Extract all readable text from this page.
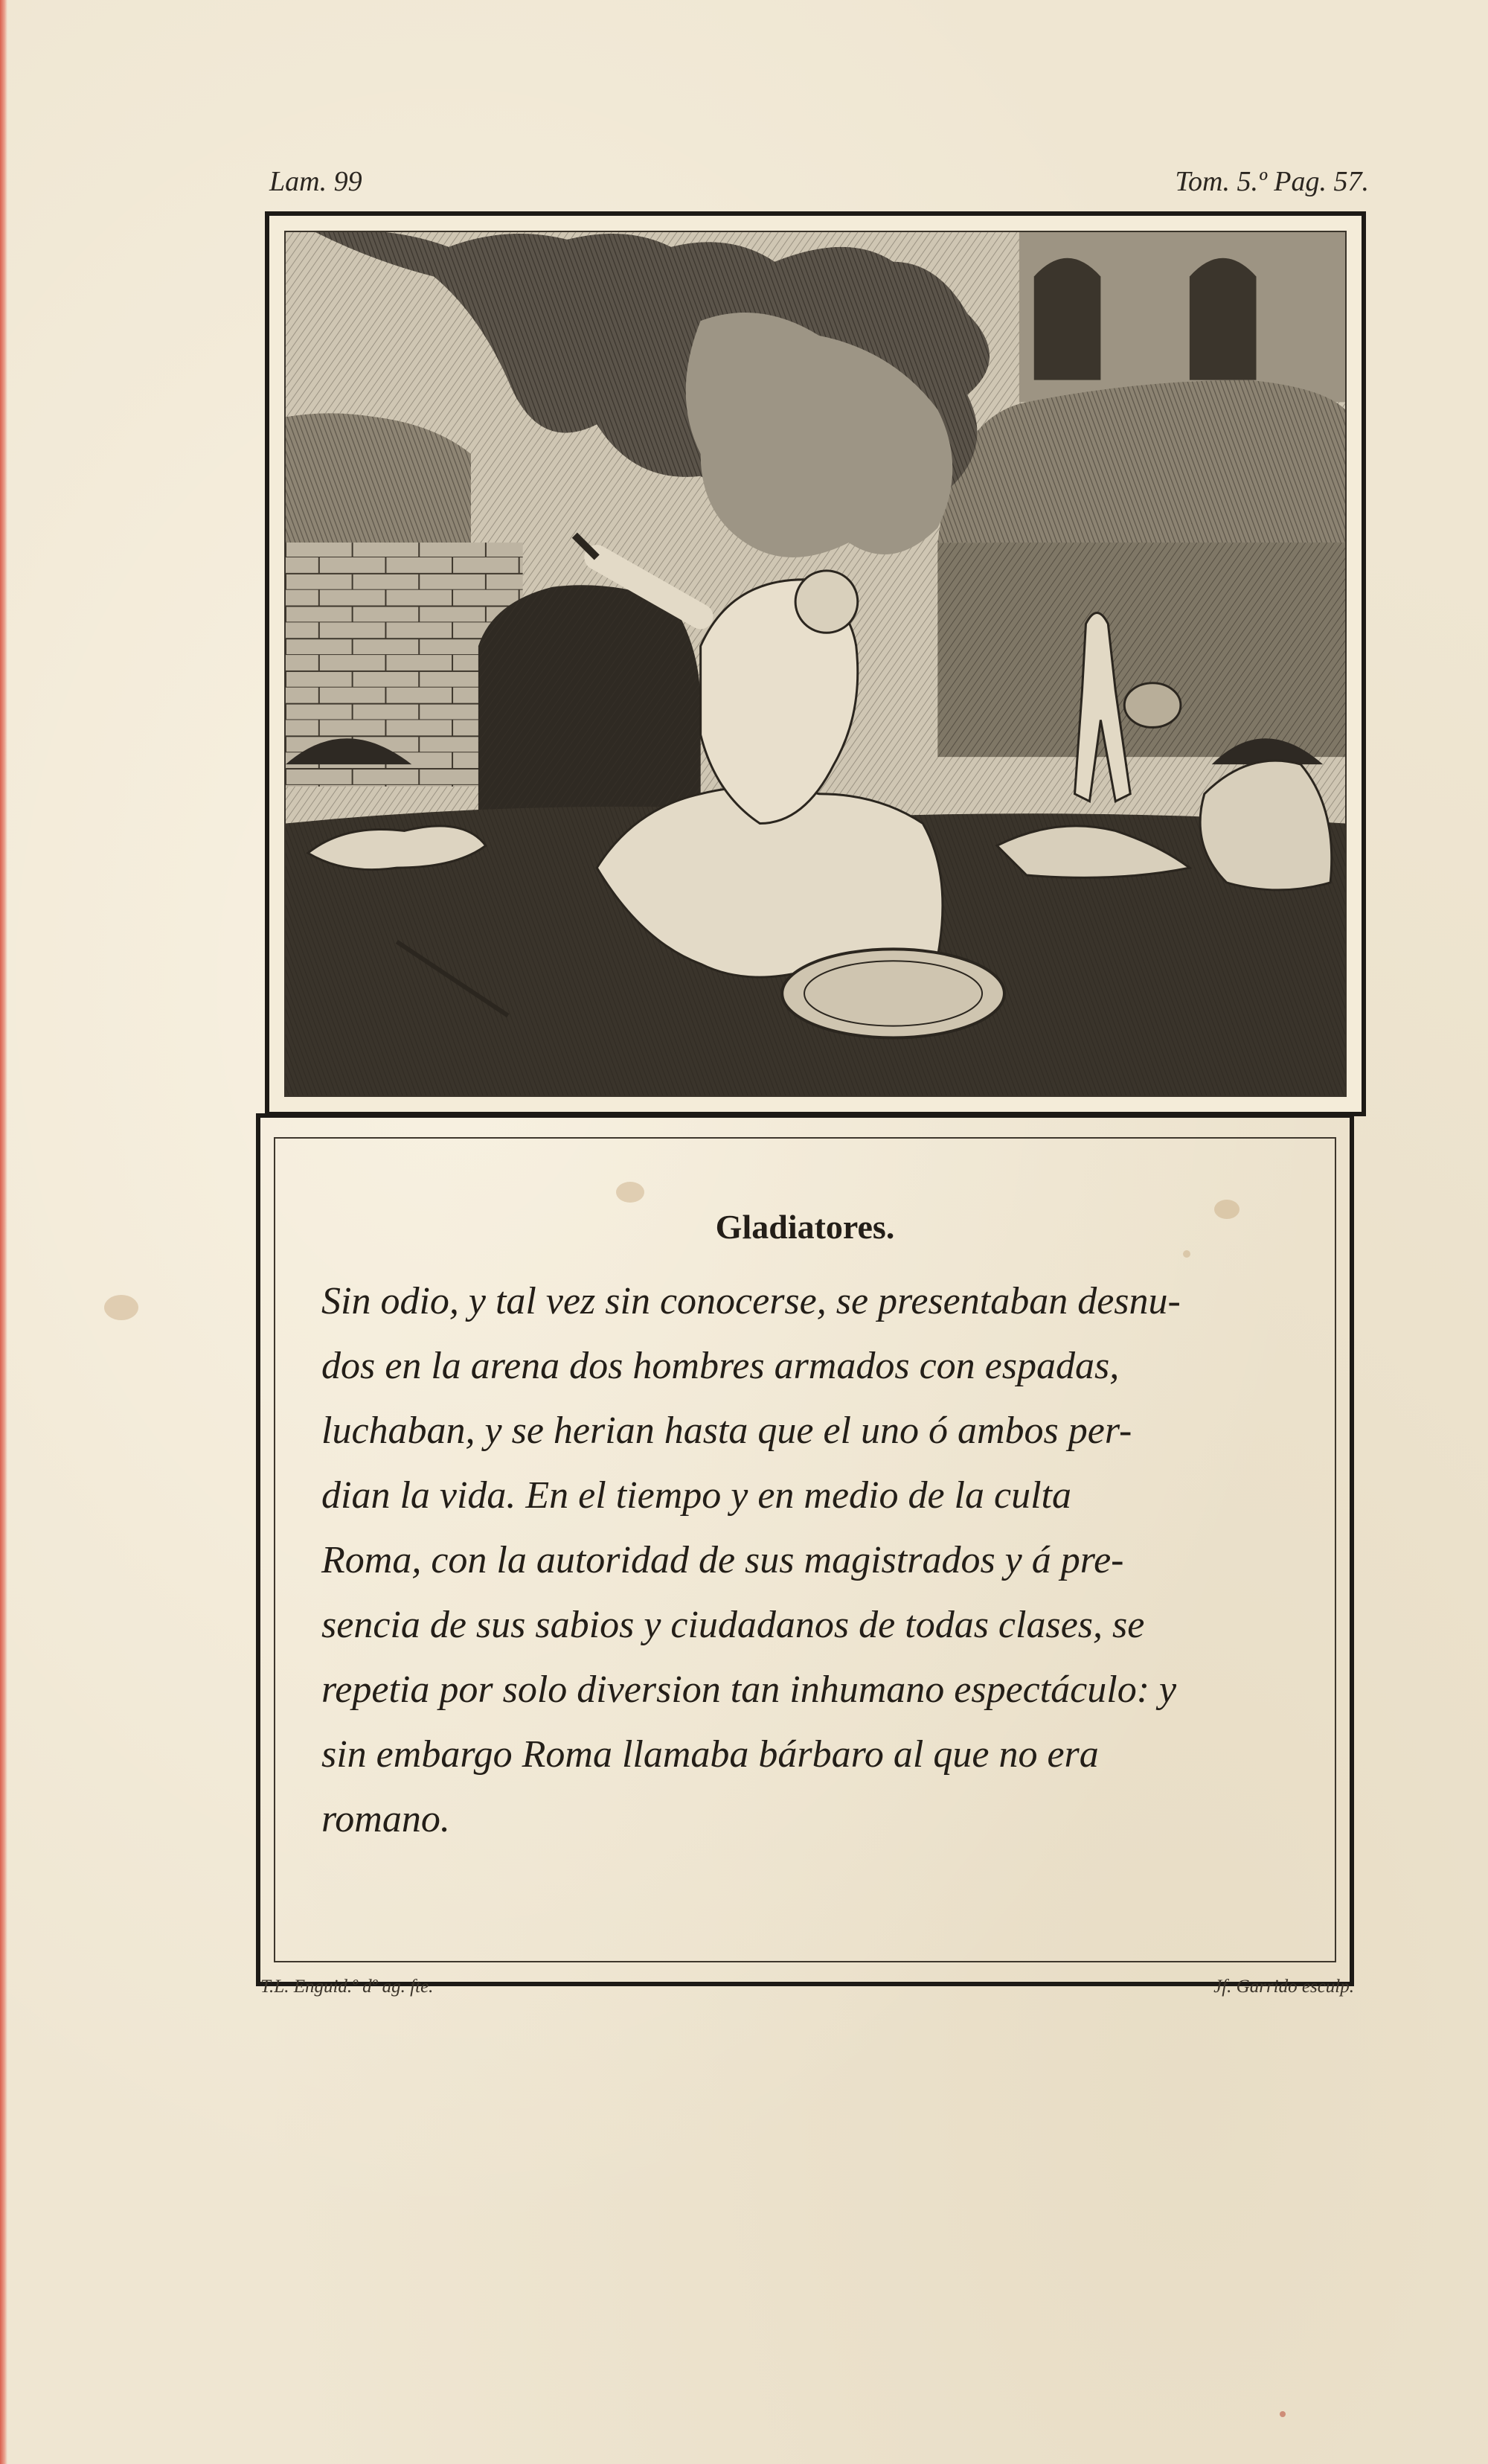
Lam. 99	Tom. 5.º Pag. 57.
Gladiatores.
Sin odio, y tal vez sin conocerse, se presentaban desnu-
dos en la arena dos hombres armados con espadas,
luchaban, y se herian hasta que el uno ó ambos per-
dian la vida. En el tiempo y en medio de la culta
Roma, con la autoridad de sus magistrados y á pre-
sencia de sus sabios y ciudadanos de todas clases, se
repetia por solo diversion tan inhumano espectáculo: y
sin embargo Roma llamaba bárbaro al que no era
romano.
T.L. Enguid.º dº ag. fte.	Jf. Garrido esculp.
